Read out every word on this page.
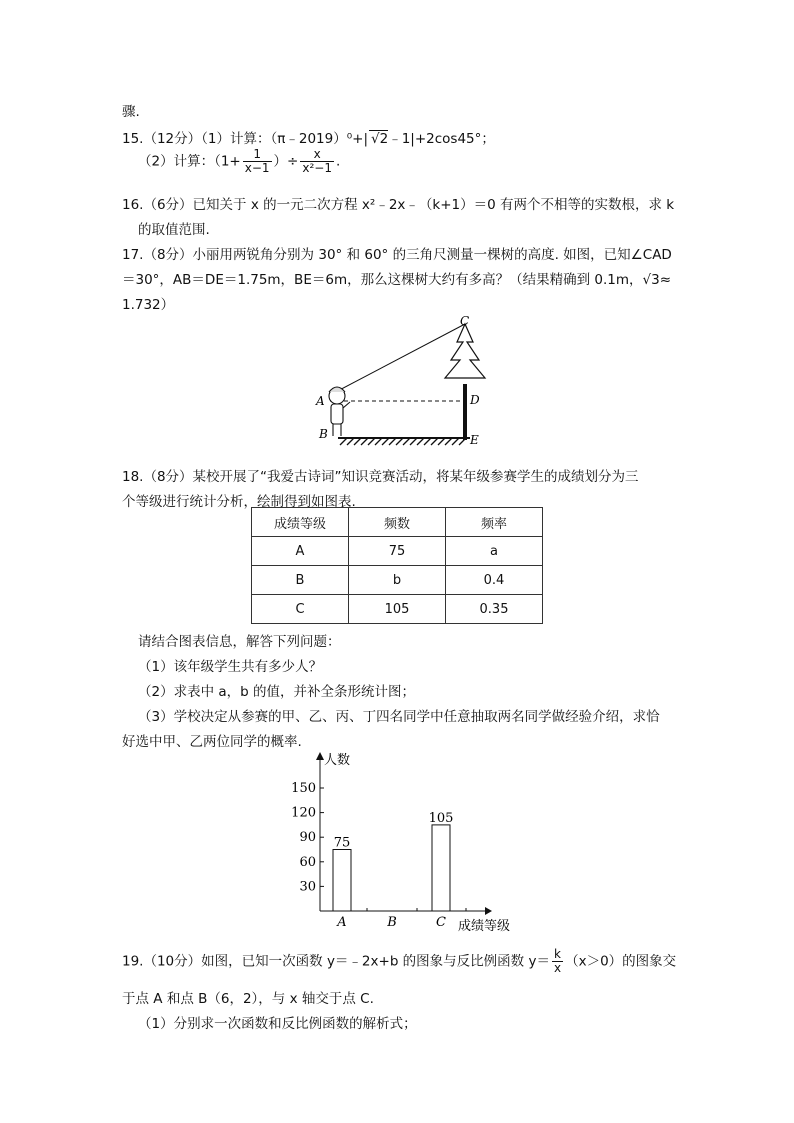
骤.
15.（12分）（1）计算：（π﹣2019）⁰+| √2﹣1|+2cos45°；
（2）计算：（$1+ \frac{1}{x-1}$ ）÷ $\frac{x}{\text{x²−1}}$ .
16.（6分）已知关于 x 的一元二次方程 x²﹣2x﹣（k+1）＝0 有两个不相等的实数根，求 k
的取值范围.
17.（8分）小丽用两锐角分别为 30° 和 60° 的三角尺测量一棵树的高度. 如图，已知∠CAD
＝30°，AB＝DE＝1.75m，BE＝6m，那么这棵树大约有多高？（结果精确到 0.1m，√3≈
1.732）
C
A	D
B	E
18.（8分）某校开展了“我爱古诗词”知识竞赛活动，将某年级参赛学生的成绩划分为三
个等级进行统计分析，绘制得到如图表.
成绩等级	频数	频率
A	75	a
B	b	0.4
C	105	0.35
请结合图表信息，解答下列问题：
（1）该年级学生共有多少人？
（2）求表中 a，b 的值，并补全条形统计图；
（3）学校决定从参赛的甲、乙、丙、丁四名同学中任意抽取两名同学做经验介绍，求恰
好选中甲、乙两位同学的概率.
人数
成绩等级
30
60
90
120
150
A
75
B	C
105
19.（10分）如图，已知一次函数 y＝﹣2x+b 的图象与反比例函数 $y= \frac{k}{x} (x>0)$的图象交
于点 A 和点 B（6，2），与 x 轴交于点 C.
（1）分别求一次函数和反比例函数的解析式；
